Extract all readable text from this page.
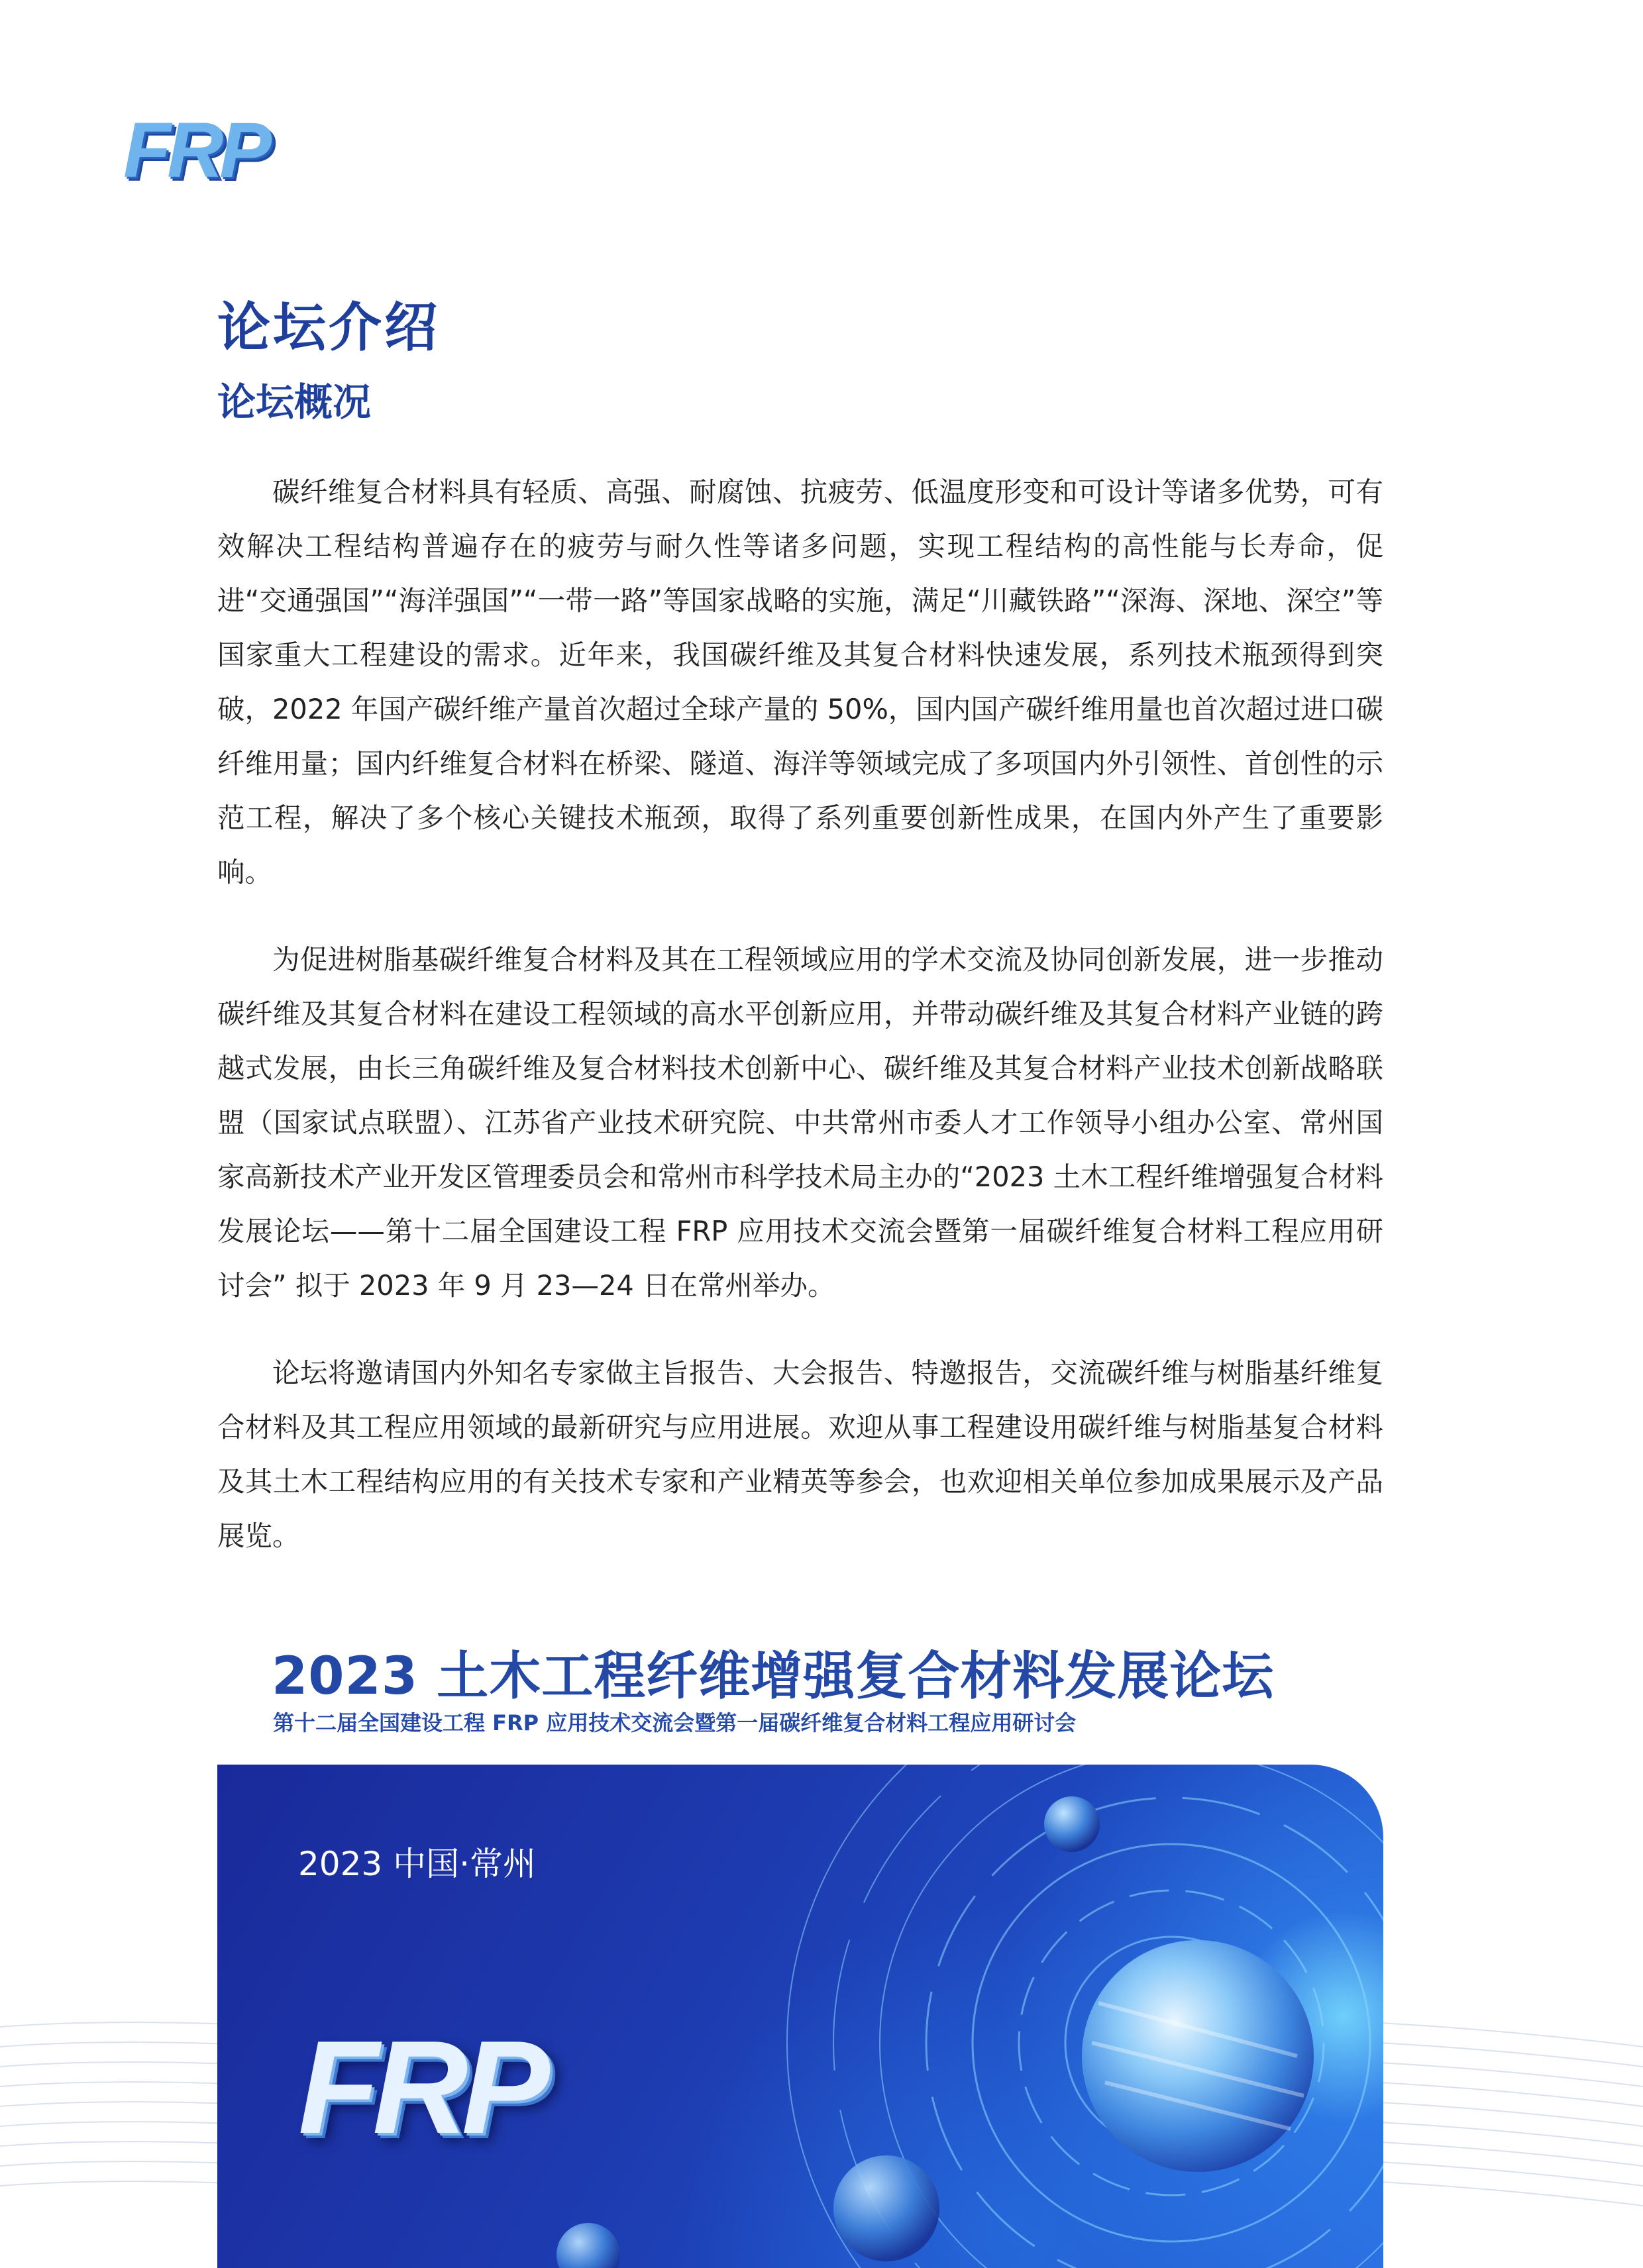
FRP
论坛介绍
论坛概况

碳纤维复合材料具有轻质、高强、耐腐蚀、抗疲劳、低温度形变和可设计等诸多优势，可有效解决工程结构普遍存在的疲劳与耐久性等诸多问题，实现工程结构的高性能与长寿命，促进“交通强国”“海洋强国”“一带一路”等国家战略的实施，满足“川藏铁路”“深海、深地、深空”等国家重大工程建设的需求。近年来，我国碳纤维及其复合材料快速发展，系列技术瓶颈得到突破，2022 年国产碳纤维产量首次超过全球产量的 50%，国内国产碳纤维用量也首次超过进口碳纤维用量；国内纤维复合材料在桥梁、隧道、海洋等领域完成了多项国内外引领性、首创性的示范工程，解决了多个核心关键技术瓶颈，取得了系列重要创新性成果，在国内外产生了重要影响。

为促进树脂基碳纤维复合材料及其在工程领域应用的学术交流及协同创新发展，进一步推动碳纤维及其复合材料在建设工程领域的高水平创新应用，并带动碳纤维及其复合材料产业链的跨越式发展，由长三角碳纤维及复合材料技术创新中心、碳纤维及其复合材料产业技术创新战略联盟（国家试点联盟）、江苏省产业技术研究院、中共常州市委人才工作领导小组办公室、常州国家高新技术产业开发区管理委员会和常州市科学技术局主办的“2023 土木工程纤维增强复合材料发展论坛——第十二届全国建设工程 FRP 应用技术交流会暨第一届碳纤维复合材料工程应用研讨会” 拟于 2023 年 9 月 23—24 日在常州举办。

论坛将邀请国内外知名专家做主旨报告、大会报告、特邀报告，交流碳纤维与树脂基纤维复合材料及其工程应用领域的最新研究与应用进展。欢迎从事工程建设用碳纤维与树脂基复合材料及其土木工程结构应用的有关技术专家和产业精英等参会，也欢迎相关单位参加成果展示及产品展览。

2023 土木工程纤维增强复合材料发展论坛
第十二届全国建设工程 FRP 应用技术交流会暨第一届碳纤维复合材料工程应用研讨会
2023 中国·常州
FRP
